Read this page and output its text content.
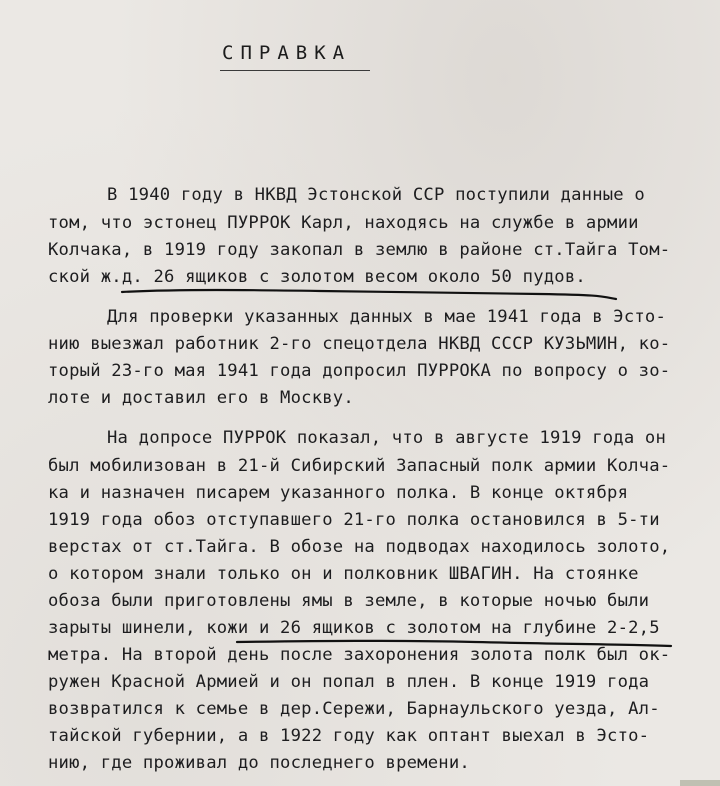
СПРАВКА
В 1940 году в НКВД Эстонской ССР поступили данные о
том, что эстонец ПУРРОК Карл, находясь на службе в армии
Колчака, в 1919 году закопал в землю в районе ст.Тайга Том-
ской ж.д. 26 ящиков с золотом весом около 50 пудов.
Для проверки указанных данных в мае 1941 года в Эсто-
нию выезжал работник 2-го спецотдела НКВД СССР КУЗЬМИН, ко-
торый 23-го мая 1941 года допросил ПУРРОКА по вопросу о зо-
лоте и доставил его в Москву.
На допросе ПУРРОК показал, что в августе 1919 года он
был мобилизован в 21-й Сибирский Запасный полк армии Колча-
ка и назначен писарем указанного полка. В конце октября
1919 года обоз отступавшего 21-го полка остановился в 5-ти
верстах от ст.Тайга. В обозе на подводах находилось золото,
о котором знали только он и полковник ШВАГИН. На стоянке
обоза были приготовлены ямы в земле, в которые ночью были
зарыты шинели, кожи и 26 ящиков с золотом на глубине 2-2,5
метра. На второй день после захоронения золота полк был ок-
ружен Красной Армией и он попал в плен. В конце 1919 года
возвратился к семье в дер.Сережи, Барнаульского уезда, Ал-
тайской губернии, а в 1922 году как оптант выехал в Эсто-
нию, где проживал до последнего времени.
